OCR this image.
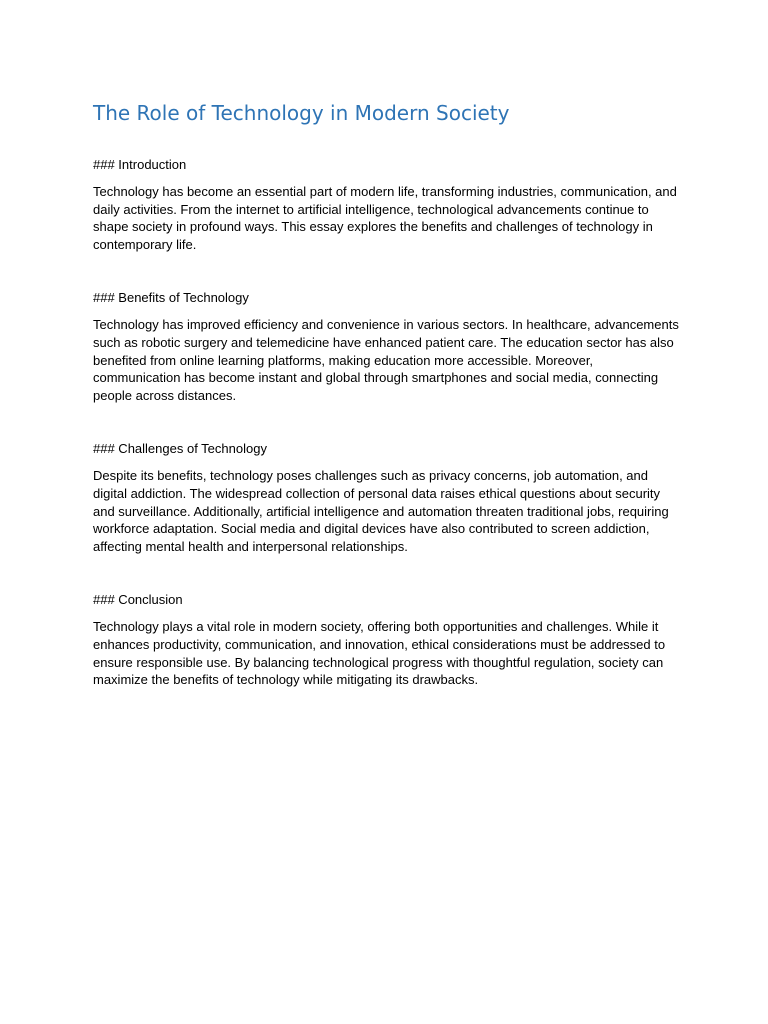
The Role of Technology in Modern Society

### Introduction

Technology has become an essential part of modern life, transforming industries, communication, and daily activities. From the internet to artificial intelligence, technological advancements continue to shape society in profound ways. This essay explores the benefits and challenges of technology in contemporary life.

### Benefits of Technology

Technology has improved efficiency and convenience in various sectors. In healthcare, advancements such as robotic surgery and telemedicine have enhanced patient care. The education sector has also benefited from online learning platforms, making education more accessible. Moreover, communication has become instant and global through smartphones and social media, connecting people across distances.

### Challenges of Technology

Despite its benefits, technology poses challenges such as privacy concerns, job automation, and digital addiction. The widespread collection of personal data raises ethical questions about security and surveillance. Additionally, artificial intelligence and automation threaten traditional jobs, requiring workforce adaptation. Social media and digital devices have also contributed to screen addiction, affecting mental health and interpersonal relationships.

### Conclusion

Technology plays a vital role in modern society, offering both opportunities and challenges. While it enhances productivity, communication, and innovation, ethical considerations must be addressed to ensure responsible use. By balancing technological progress with thoughtful regulation, society can maximize the benefits of technology while mitigating its drawbacks.
